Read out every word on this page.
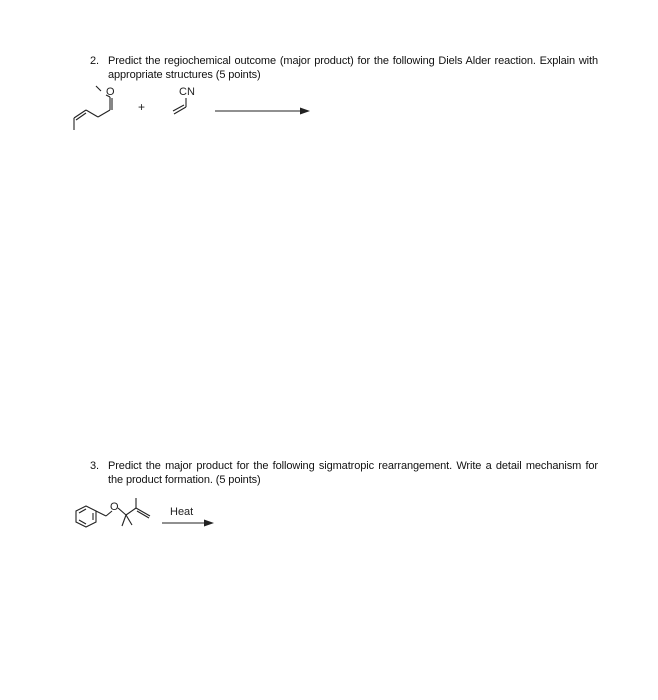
2. Predict the regiochemical outcome (major product) for the following Diels Alder reaction. Explain with appropriate structures (5 points)
O
+
CN
3. Predict the major product for the following sigmatropic rearrangement. Write a detail mechanism for the product formation. (5 points)
O	Heat
